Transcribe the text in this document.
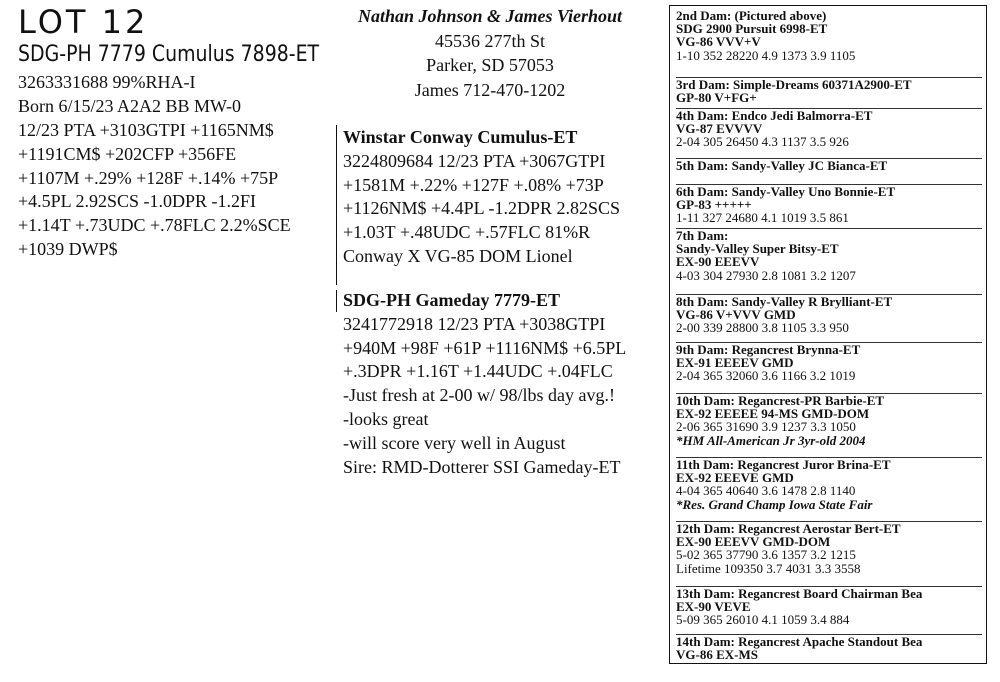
LOT 12
SDG-PH 7779 Cumulus 7898-ET
3263331688 99%RHA-I
Born 6/15/23 A2A2 BB MW-0
12/23 PTA +3103GTPI +1165NM$
+1191CM$ +202CFP +356FE
+1107M +.29% +128F +.14% +75P
+4.5PL 2.92SCS -1.0DPR -1.2FI
+1.14T +.73UDC +.78FLC 2.2%SCE
+1039 DWP$
Nathan Johnson & James Vierhout
45536 277th St
Parker, SD 57053
James 712-470-1202
Winstar Conway Cumulus-ET
3224809684 12/23 PTA +3067GTPI
+1581M +.22% +127F +.08% +73P
+1126NM$ +4.4PL -1.2DPR 2.82SCS
+1.03T +.48UDC +.57FLC 81%R
Conway X VG-85 DOM Lionel
SDG-PH Gameday 7779-ET
3241772918 12/23 PTA +3038GTPI
+940M +98F +61P +1116NM$ +6.5PL
+.3DPR +1.16T +1.44UDC +.04FLC
-Just fresh at 2-00 w/ 98/lbs day avg.!
-looks great
-will score very well in August
Sire: RMD-Dotterer SSI Gameday-ET
2nd Dam: (Pictured above)
SDG 2900 Pursuit 6998-ET
VG-86 VVV+V
1-10 352 28220 4.9 1373 3.9 1105
3rd Dam: Simple-Dreams 60371A2900-ET
GP-80 V+FG+
4th Dam: Endco Jedi Balmorra-ET
VG-87 EVVVV
2-04 305 26450 4.3 1137 3.5 926
5th Dam: Sandy-Valley JC Bianca-ET
6th Dam: Sandy-Valley Uno Bonnie-ET
GP-83 +++++
1-11 327 24680 4.1 1019 3.5 861
7th Dam:
Sandy-Valley Super Bitsy-ET
EX-90 EEEVV
4-03 304 27930 2.8 1081 3.2 1207
8th Dam: Sandy-Valley R Brylliant-ET
VG-86 V+VVV GMD
2-00 339 28800 3.8 1105 3.3 950
9th Dam: Regancrest Brynna-ET
EX-91 EEEEV GMD
2-04 365 32060 3.6 1166 3.2 1019
10th Dam: Regancrest-PR Barbie-ET
EX-92 EEEEE 94-MS GMD-DOM
2-06 365 31690 3.9 1237 3.3 1050
*HM All-American Jr 3yr-old 2004
11th Dam: Regancrest Juror Brina-ET
EX-92 EEEVE GMD
4-04 365 40640 3.6 1478 2.8 1140
*Res. Grand Champ Iowa State Fair
12th Dam: Regancrest Aerostar Bert-ET
EX-90 EEEVV GMD-DOM
5-02 365 37790 3.6 1357 3.2 1215
Lifetime 109350 3.7 4031 3.3 3558
13th Dam: Regancrest Board Chairman Bea
EX-90 VEVE
5-09 365 26010 4.1 1059 3.4 884
14th Dam: Regancrest Apache Standout Bea
VG-86 EX-MS
